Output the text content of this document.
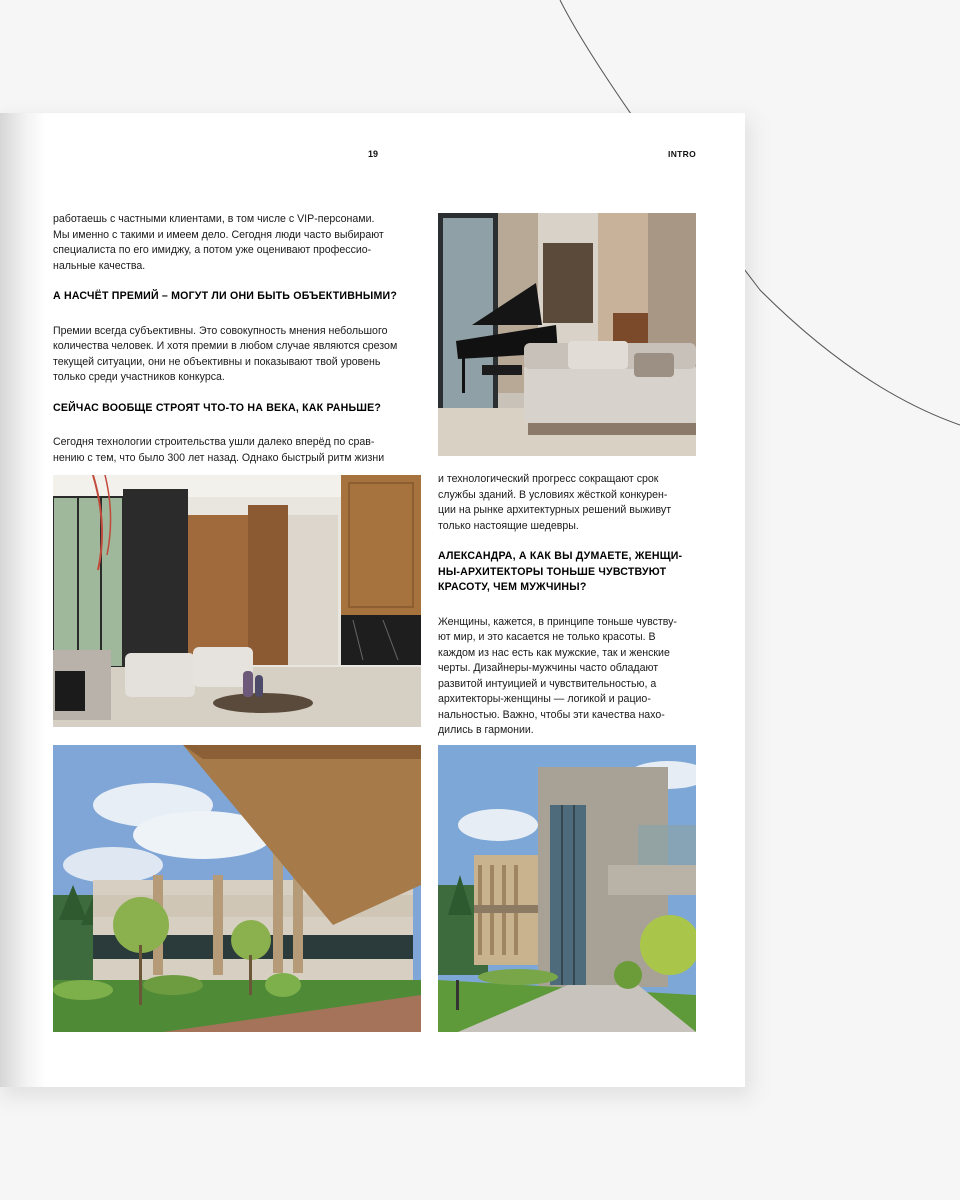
19	INTRO

работаешь с частными клиентами, в том числе с VIP-персонами.

Мы именно с такими и имеем дело. Сегодня люди часто выбирают

специалиста по его имиджу, а потом уже оценивают профессио-

нальные качества.

А НАСЧЁТ ПРЕМИЙ – МОГУТ ЛИ ОНИ БЫТЬ ОБЪЕКТИВНЫМИ?

Премии всегда субъективны. Это совокупность мнения небольшого

количества человек. И хотя премии в любом случае являются срезом

текущей ситуации, они не объективны и показывают твой уровень

только среди участников конкурса.

СЕЙЧАС ВООБЩЕ СТРОЯТ ЧТО-ТО НА ВЕКА, КАК РАНЬШЕ?

Сегодня технологии строительства ушли далеко вперёд по срав-

нению с тем, что было 300 лет назад. Однако быстрый ритм жизни

и технологический прогресс сокращают срок

службы зданий. В условиях жёсткой конкурен-

ции на рынке архитектурных решений выживут

только настоящие шедевры.

АЛЕКСАНДРА, А КАК ВЫ ДУМАЕТЕ, ЖЕНЩИ-
НЫ-АРХИТЕКТОРЫ ТОНЬШЕ ЧУВСТВУЮТ
КРАСОТУ, ЧЕМ МУЖЧИНЫ?

Женщины, кажется, в принципе тоньше чувству-

ют мир, и это касается не только красоты. В

каждом из нас есть как мужские, так и женские

черты. Дизайнеры-мужчины часто обладают

развитой интуицией и чувствительностью, а

архитекторы-женщины — логикой и рацио-

нальностью. Важно, чтобы эти качества нахо-

дились в гармонии.
